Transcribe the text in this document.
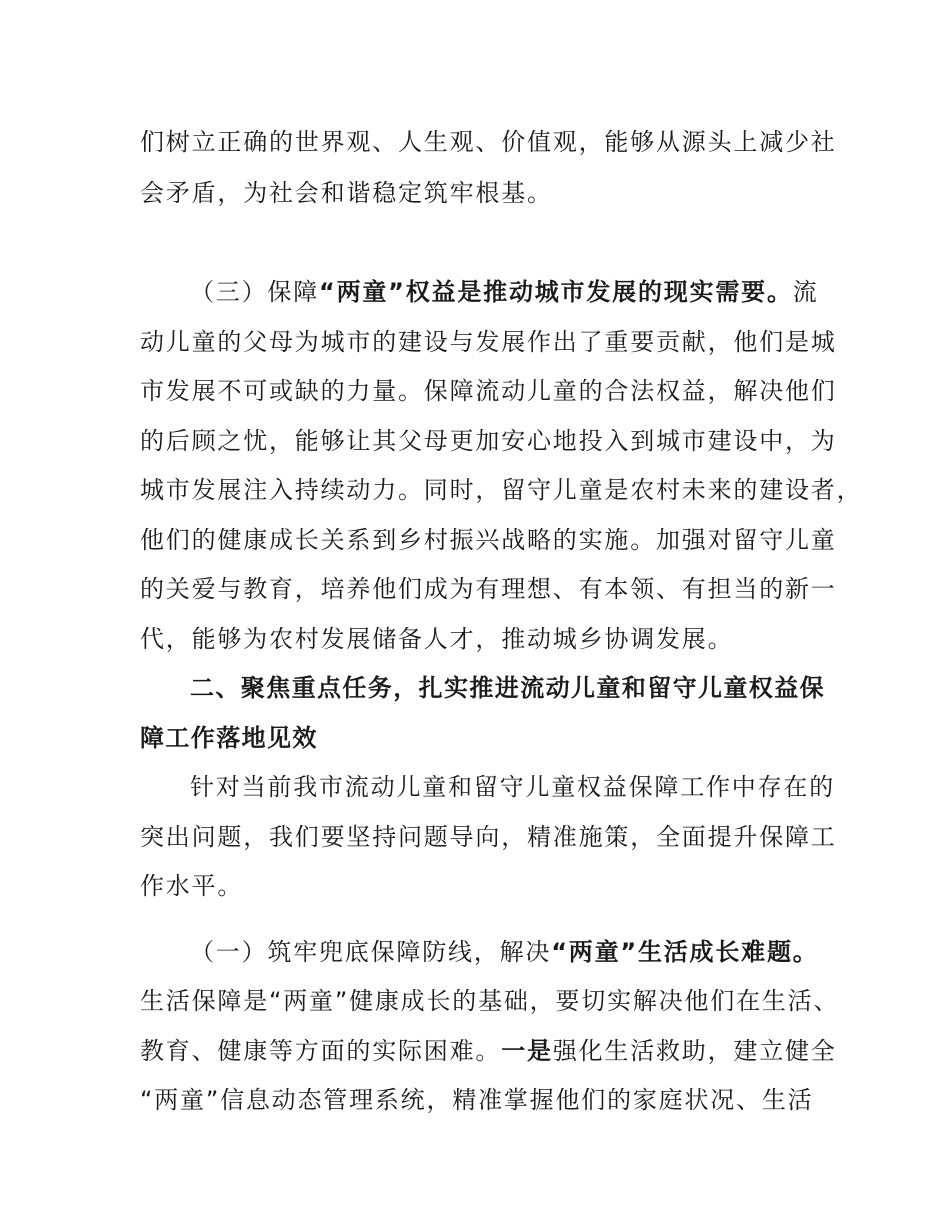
们树立正确的世界观、人生观、价值观，能够从源头上减少社
会矛盾，为社会和谐稳定筑牢根基。
（三）保障“两童”权益是推动城市发展的现实需要。流
动儿童的父母为城市的建设与发展作出了重要贡献，他们是城
市发展不可或缺的力量。保障流动儿童的合法权益，解决他们
的后顾之忧，能够让其父母更加安心地投入到城市建设中，为
城市发展注入持续动力。同时，留守儿童是农村未来的建设者，
他们的健康成长关系到乡村振兴战略的实施。加强对留守儿童
的关爱与教育，培养他们成为有理想、有本领、有担当的新一
代，能够为农村发展储备人才，推动城乡协调发展。
二、聚焦重点任务，扎实推进流动儿童和留守儿童权益保
障工作落地见效
针对当前我市流动儿童和留守儿童权益保障工作中存在的
突出问题，我们要坚持问题导向，精准施策，全面提升保障工
作水平。
（一）筑牢兜底保障防线，解决“两童”生活成长难题。
生活保障是“两童”健康成长的基础，要切实解决他们在生活、
教育、健康等方面的实际困难。一是强化生活救助，建立健全
“两童”信息动态管理系统，精准掌握他们的家庭状况、生活
